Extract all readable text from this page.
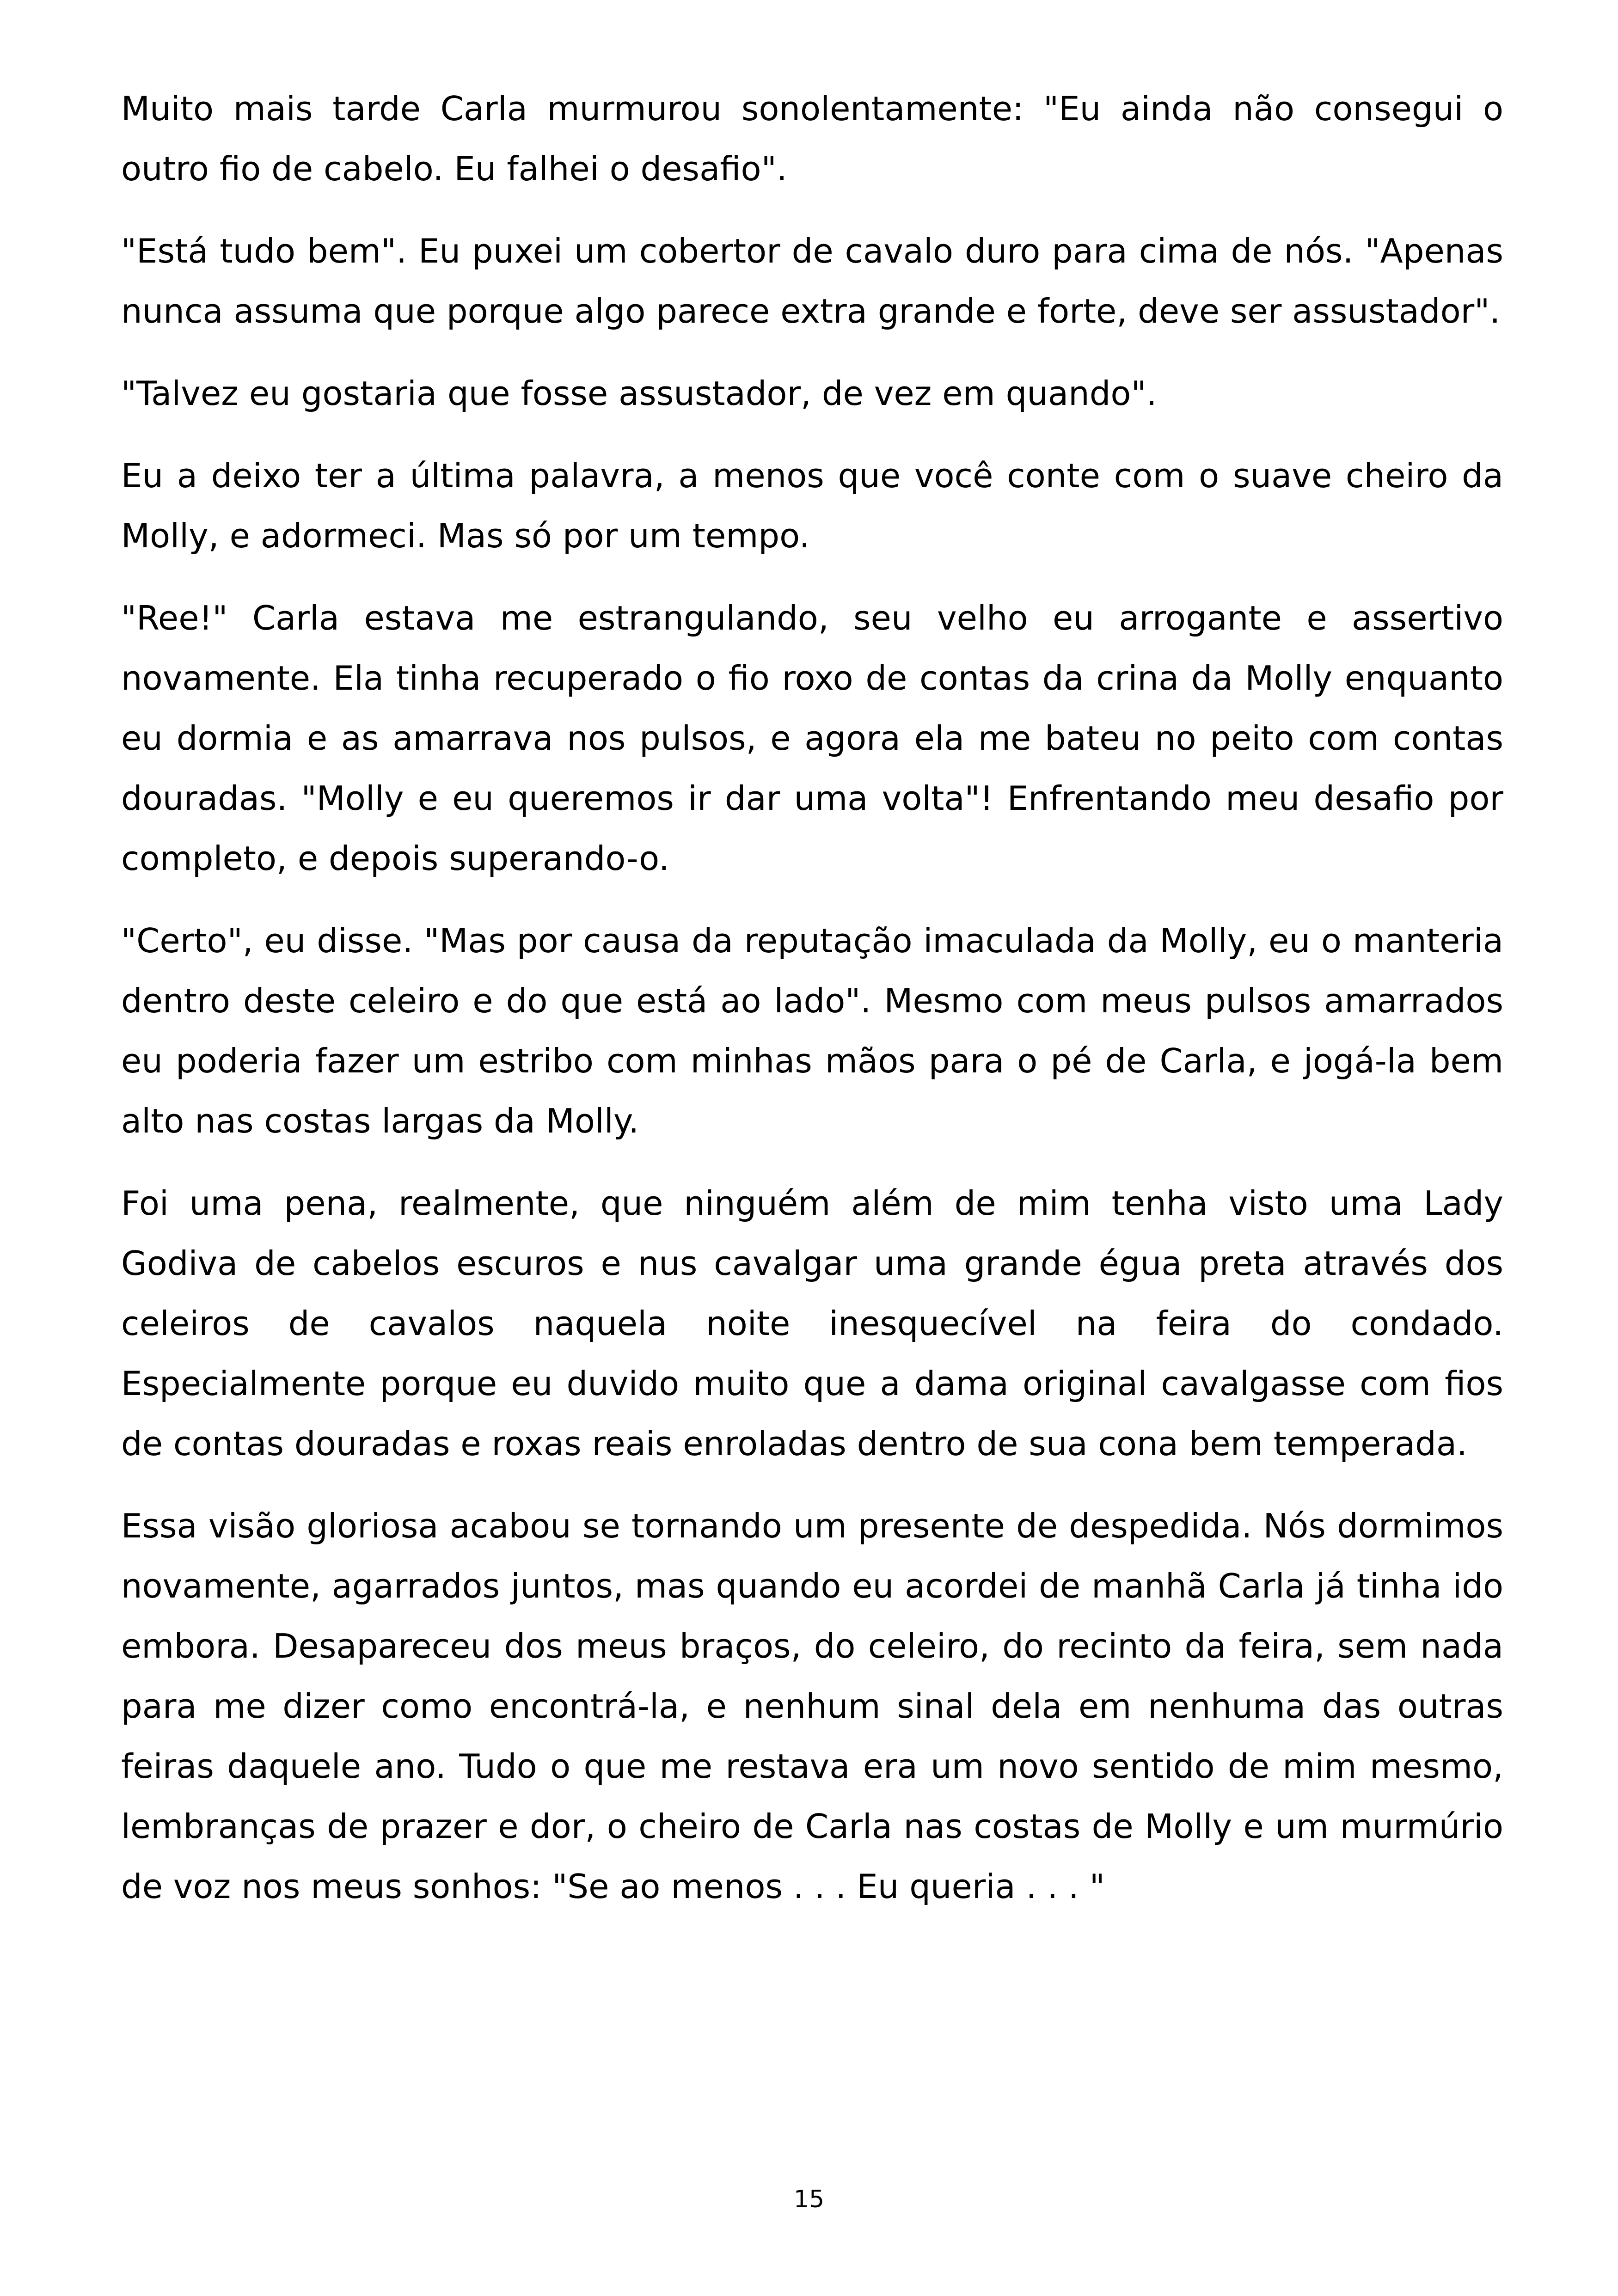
Muito mais tarde Carla murmurou sonolentamente: "Eu ainda não consegui o outro fio de cabelo. Eu falhei o desafio".

"Está tudo bem". Eu puxei um cobertor de cavalo duro para cima de nós. "Apenas nunca assuma que porque algo parece extra grande e forte, deve ser assustador".

"Talvez eu gostaria que fosse assustador, de vez em quando".

Eu a deixo ter a última palavra, a menos que você conte com o suave cheiro da Molly, e adormeci. Mas só por um tempo.

"Ree!" Carla estava me estrangulando, seu velho eu arrogante e assertivo novamente. Ela tinha recuperado o fio roxo de contas da crina da Molly enquanto eu dormia e as amarrava nos pulsos, e agora ela me bateu no peito com contas douradas. "Molly e eu queremos ir dar uma volta"! Enfrentando meu desafio por completo, e depois superando-o.

"Certo", eu disse. "Mas por causa da reputação imaculada da Molly, eu o manteria dentro deste celeiro e do que está ao lado". Mesmo com meus pulsos amarrados eu poderia fazer um estribo com minhas mãos para o pé de Carla, e jogá-la bem alto nas costas largas da Molly.

Foi uma pena, realmente, que ninguém além de mim tenha visto uma Lady Godiva de cabelos escuros e nus cavalgar uma grande égua preta através dos celeiros de cavalos naquela noite inesquecível na feira do condado. Especialmente porque eu duvido muito que a dama original cavalgasse com fios de contas douradas e roxas reais enroladas dentro de sua cona bem temperada.

Essa visão gloriosa acabou se tornando um presente de despedida. Nós dormimos novamente, agarrados juntos, mas quando eu acordei de manhã Carla já tinha ido embora. Desapareceu dos meus braços, do celeiro, do recinto da feira, sem nada para me dizer como encontrá-la, e nenhum sinal dela em nenhuma das outras feiras daquele ano. Tudo o que me restava era um novo sentido de mim mesmo, lembranças de prazer e dor, o cheiro de Carla nas costas de Molly e um murmúrio de voz nos meus sonhos: "Se ao menos . . . Eu queria . . . "

15
